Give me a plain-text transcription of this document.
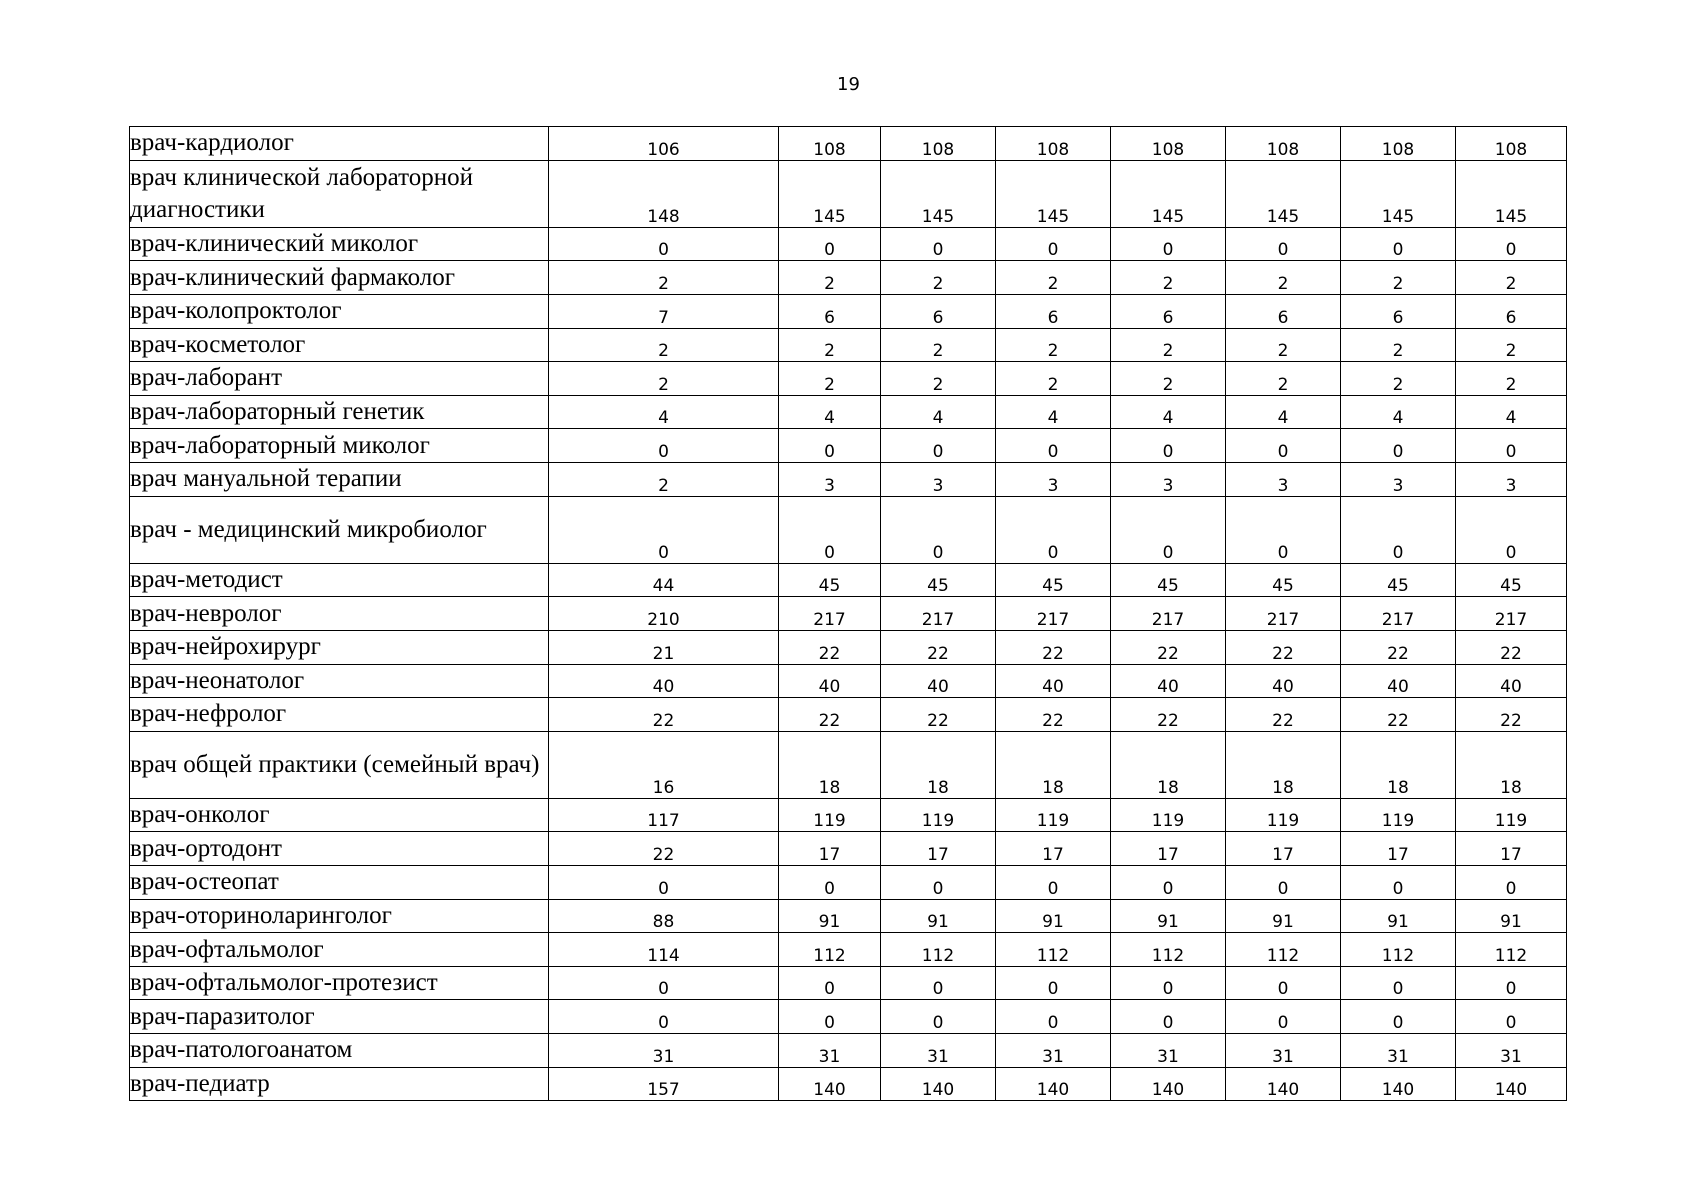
19
врач-кардиолог	106	108	108	108	108	108	108	108
врач клинической лабораторной диагностики	148	145	145	145	145	145	145	145
врач-клинический миколог	0	0	0	0	0	0	0	0
врач-клинический фармаколог	2	2	2	2	2	2	2	2
врач-колопроктолог	7	6	6	6	6	6	6	6
врач-косметолог	2	2	2	2	2	2	2	2
врач-лаборант	2	2	2	2	2	2	2	2
врач-лабораторный генетик	4	4	4	4	4	4	4	4
врач-лабораторный миколог	0	0	0	0	0	0	0	0
врач мануальной терапии	2	3	3	3	3	3	3	3
врач - медицинский микробиолог	0	0	0	0	0	0	0	0
врач-методист	44	45	45	45	45	45	45	45
врач-невролог	210	217	217	217	217	217	217	217
врач-нейрохирург	21	22	22	22	22	22	22	22
врач-неонатолог	40	40	40	40	40	40	40	40
врач-нефролог	22	22	22	22	22	22	22	22
врач общей практики (семейный врач)	16	18	18	18	18	18	18	18
врач-онколог	117	119	119	119	119	119	119	119
врач-ортодонт	22	17	17	17	17	17	17	17
врач-остеопат	0	0	0	0	0	0	0	0
врач-оториноларинголог	88	91	91	91	91	91	91	91
врач-офтальмолог	114	112	112	112	112	112	112	112
врач-офтальмолог-протезист	0	0	0	0	0	0	0	0
врач-паразитолог	0	0	0	0	0	0	0	0
врач-патологоанатом	31	31	31	31	31	31	31	31
врач-педиатр	157	140	140	140	140	140	140	140
